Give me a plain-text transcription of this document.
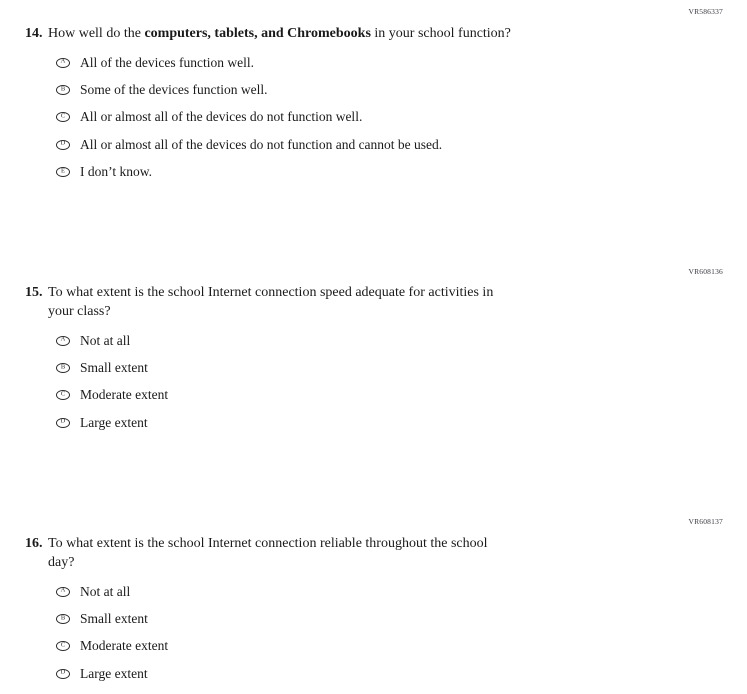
VR586337
14. How well do the computers, tablets, and Chromebooks in your school function?
A All of the devices function well.
B Some of the devices function well.
C All or almost all of the devices do not function well.
D All or almost all of the devices do not function and cannot be used.
E I don’t know.
VR608136
15. To what extent is the school Internet connection speed adequate for activities in
your class?
A Not at all
B Small extent
C Moderate extent
D Large extent
VR608137
16. To what extent is the school Internet connection reliable throughout the school
day?
A Not at all
B Small extent
C Moderate extent
D Large extent
